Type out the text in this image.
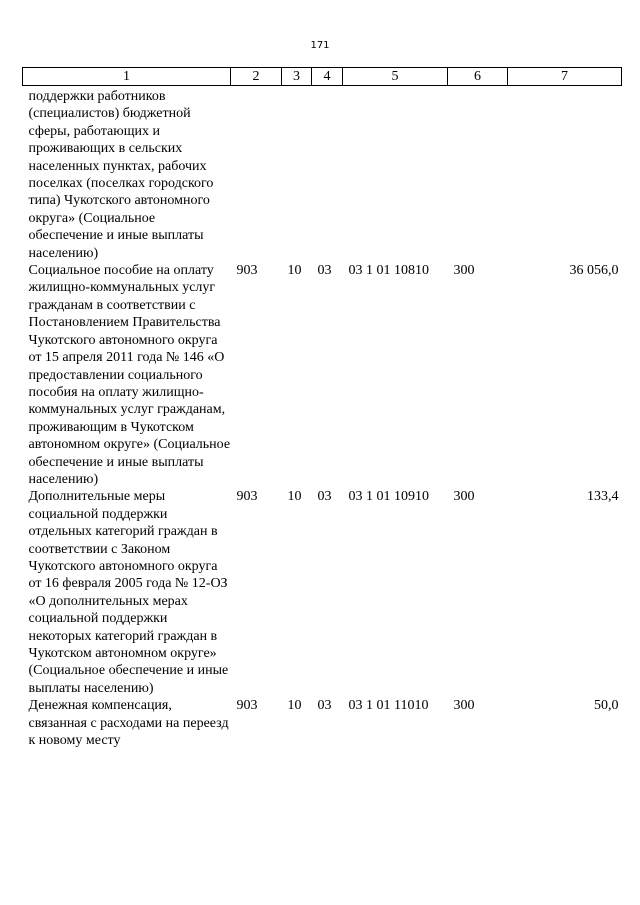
171
1	2	3	4	5	6	7
поддержки работников (специалистов) бюджетной сферы, работающих и проживающих в сельских населенных пунктах, рабочих поселках (поселках городского типа) Чукотского автономного округа» (Социальное обеспечение и иные выплаты населению)						
Социальное пособие на оплату жилищно-коммунальных услуг гражданам в соответствии с Постановлением Правительства Чукотского автономного округа от 15 апреля 2011 года № 146 «О предоставлении социального пособия на оплату жилищно-коммунальных услуг гражданам, проживающим в Чукотском автономном округе» (Социальное обеспечение и иные выплаты населению)	903	10	03	03 1 01 10810	300	36 056,0
Дополнительные меры социальной поддержки отдельных категорий граждан в соответствии с Законом Чукотского автономного округа от 16 февраля 2005 года № 12-ОЗ «О дополнительных мерах социальной поддержки некоторых категорий граждан в Чукотском автономном округе» (Социальное обеспечение и иные выплаты населению)	903	10	03	03 1 01 10910	300	133,4
Денежная компенсация, связанная с расходами на переезд к новому месту	903	10	03	03 1 01 11010	300	50,0
